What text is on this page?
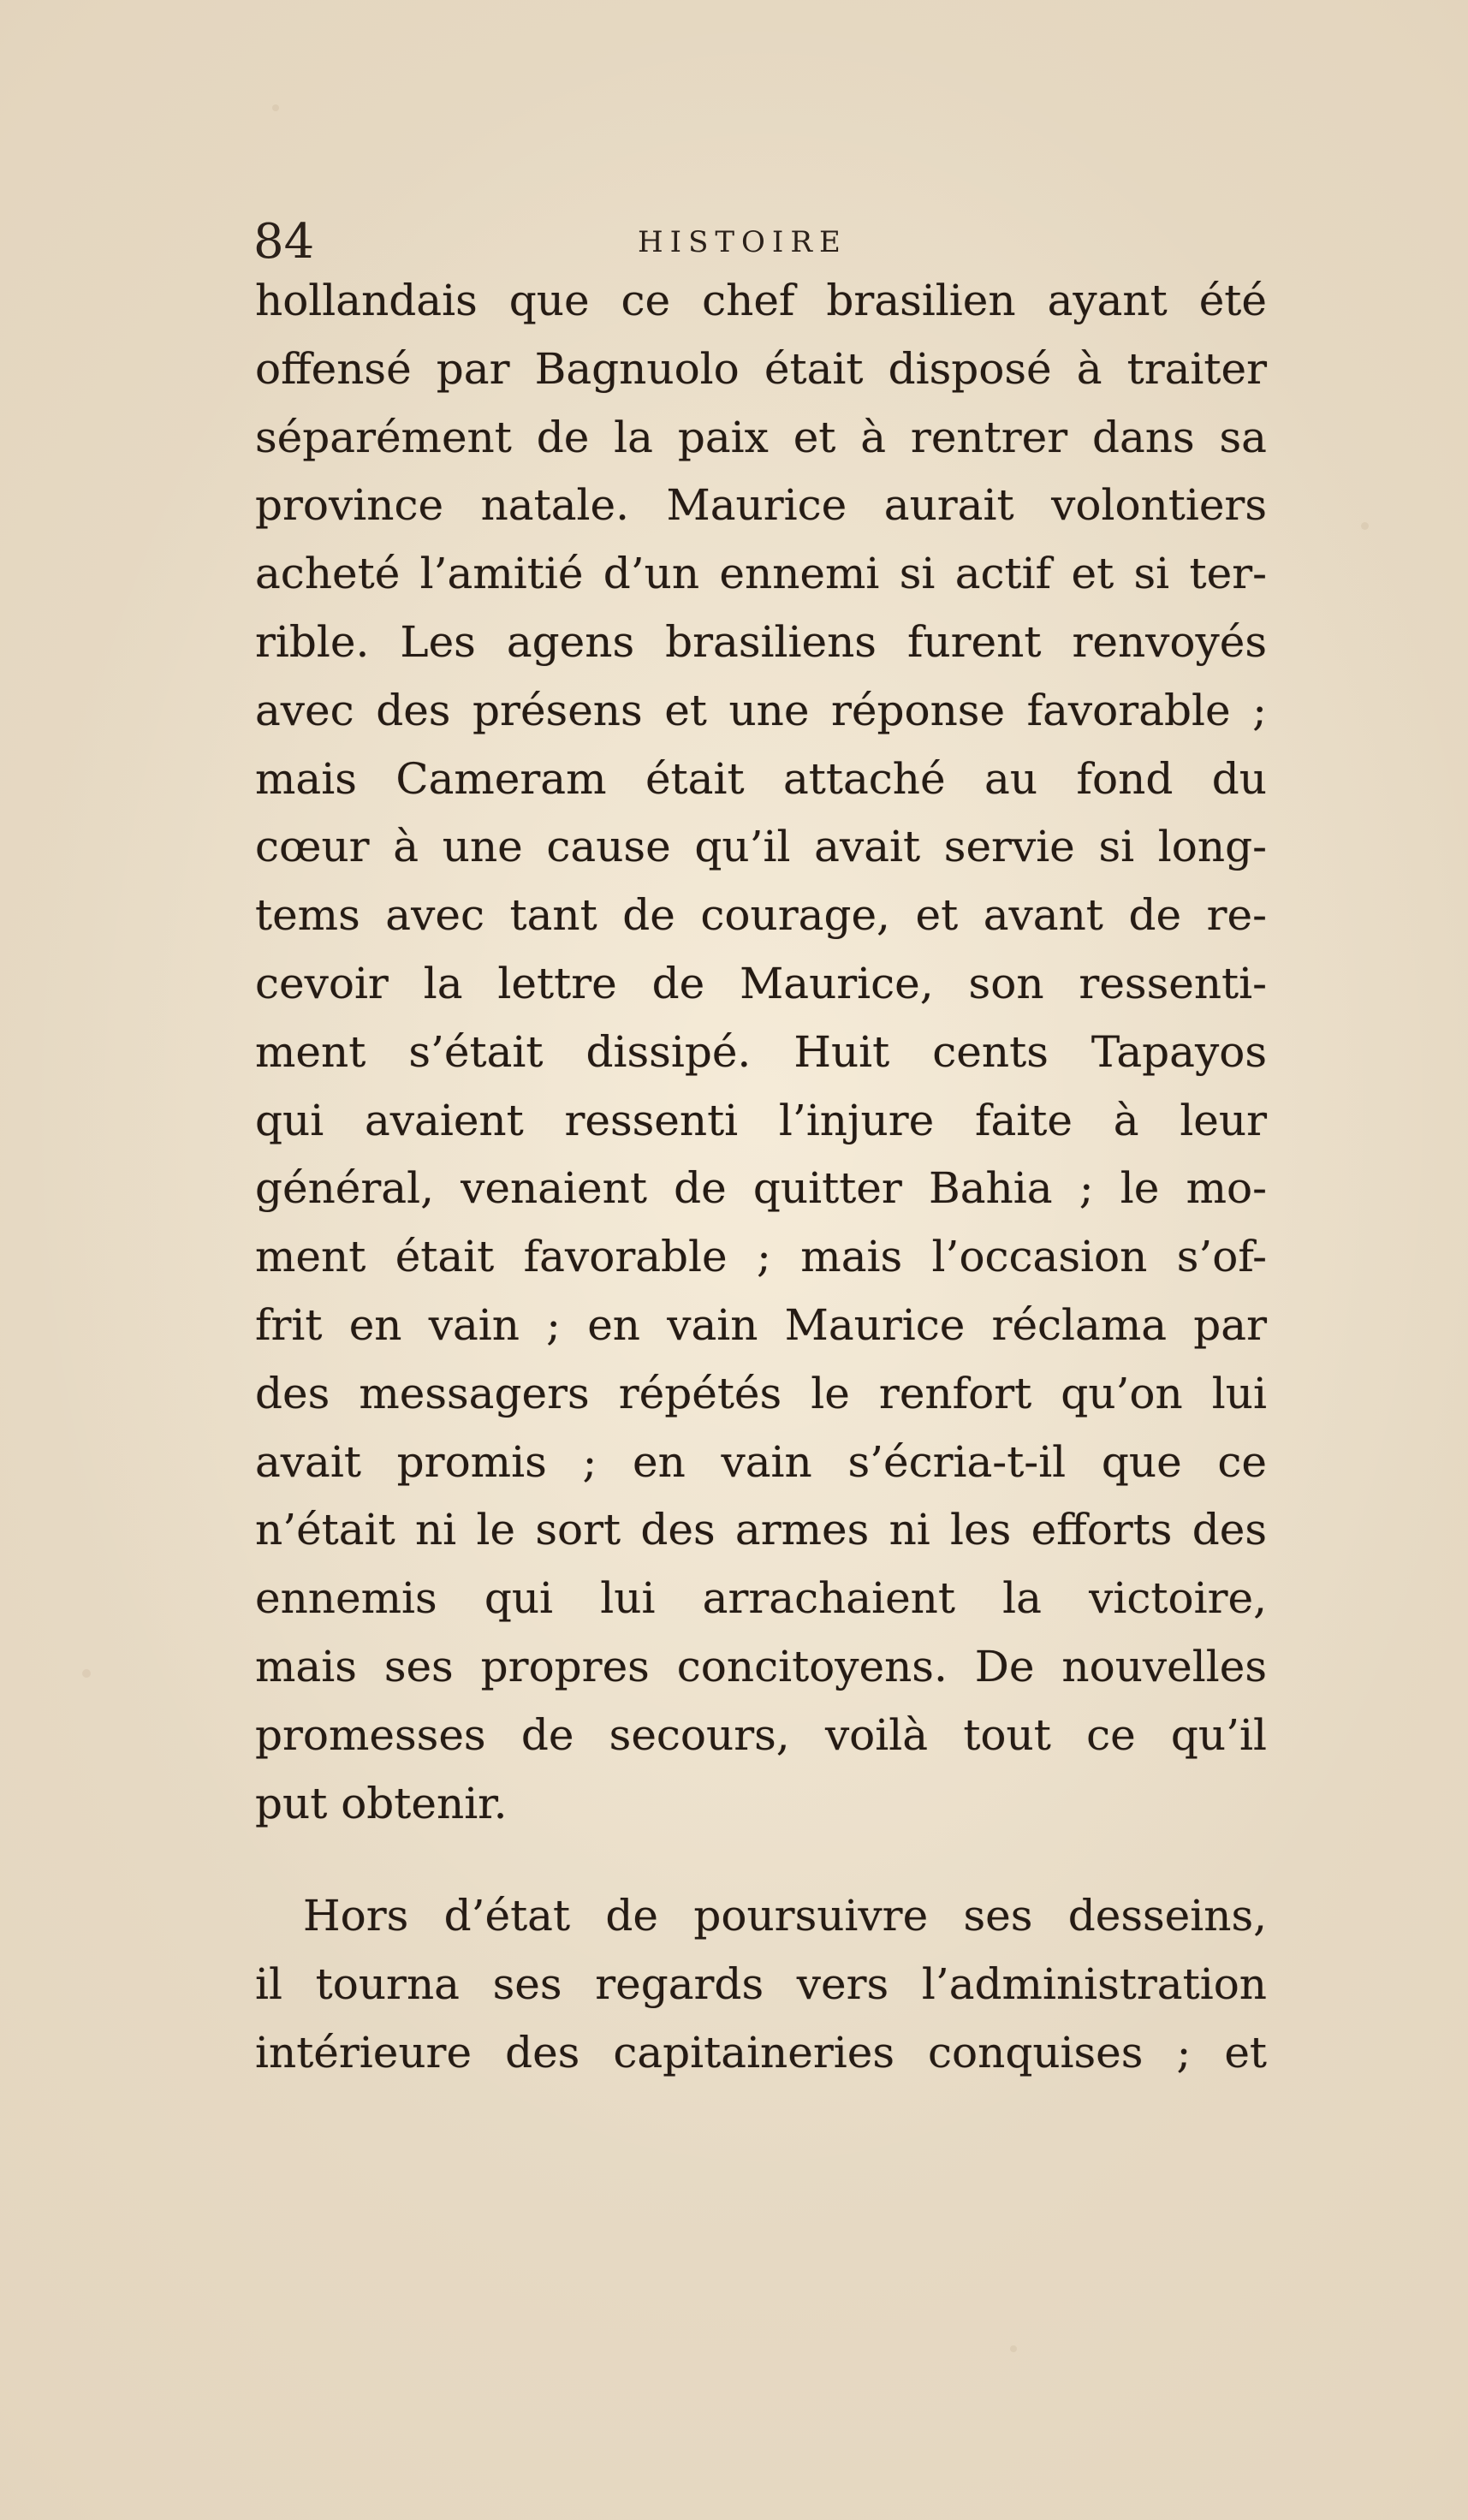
84	HISTOIRE
hollandais que ce chef brasilien ayant été
offensé par Bagnuolo était disposé à traiter
séparément de la paix et à rentrer dans sa
province natale. Maurice aurait volontiers
acheté l’amitié d’un ennemi si actif et si ter-
rible. Les agens brasiliens furent renvoyés
avec des présens et une réponse favorable ;
mais Cameram était attaché au fond du
cœur à une cause qu’il avait servie si long-
tems avec tant de courage, et avant de re-
cevoir la lettre de Maurice, son ressenti-
ment s’était dissipé. Huit cents Tapayos
qui avaient ressenti l’injure faite à leur
général, venaient de quitter Bahia ; le mo-
ment était favorable ; mais l’occasion s’of-
frit en vain ; en vain Maurice réclama par
des messagers répétés le renfort qu’on lui
avait promis ; en vain s’écria-t-il que ce
n’était ni le sort des armes ni les efforts des
ennemis qui lui arrachaient la victoire,
mais ses propres concitoyens. De nouvelles
promesses de secours, voilà tout ce qu’il
put obtenir.
Hors d’état de poursuivre ses desseins,
il tourna ses regards vers l’administration
intérieure des capitaineries conquises ; et
